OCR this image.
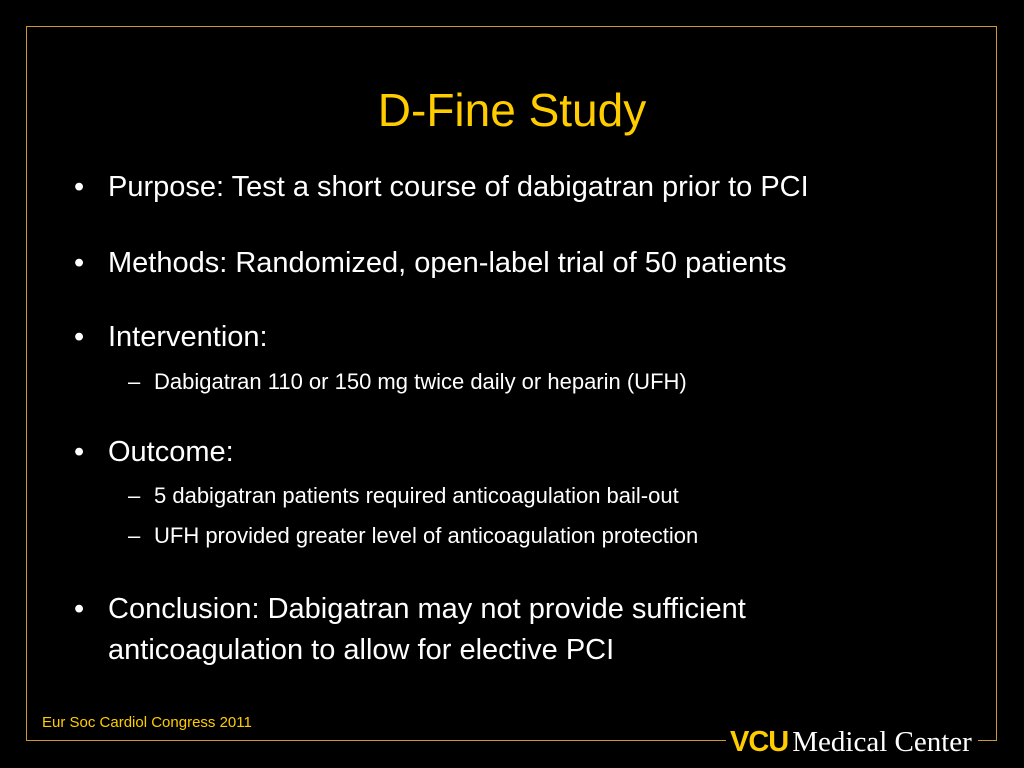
D-Fine Study
• Purpose: Test a short course of dabigatran prior to PCI
• Methods: Randomized, open-label trial of 50 patients
• Intervention:
– Dabigatran 110 or 150 mg twice daily or heparin (UFH)
• Outcome:
– 5 dabigatran patients required anticoagulation bail-out
– UFH provided greater level of anticoagulation protection
• Conclusion: Dabigatran may not provide sufficient anticoagulation to allow for elective PCI
Eur Soc Cardiol Congress 2011
VCU Medical Center
